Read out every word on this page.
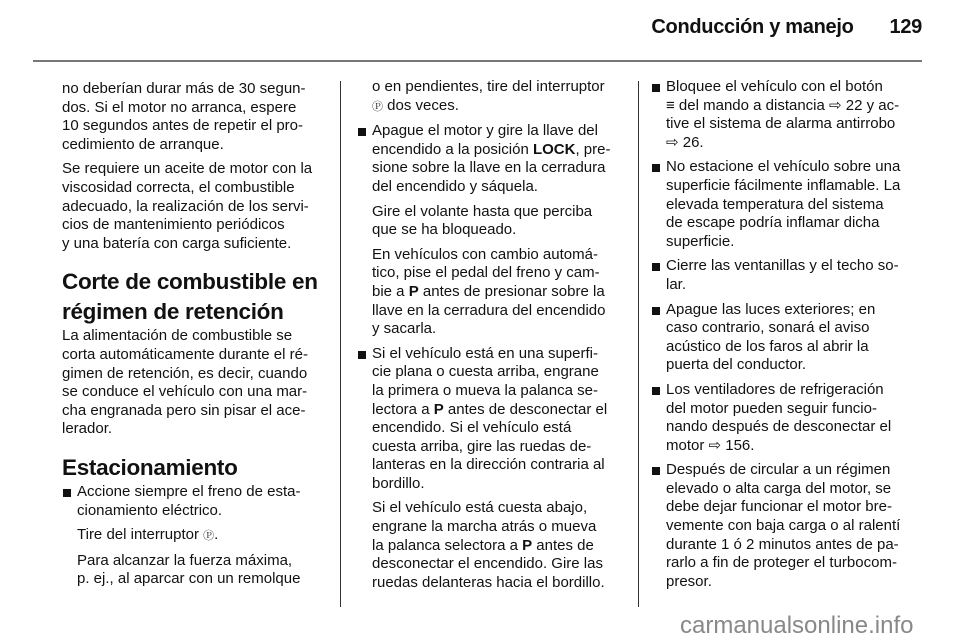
Conducción y manejo 129
no deberían durar más de 30 segun-
dos. Si el motor no arranca, espere
10 segundos antes de repetir el pro-
cedimiento de arranque.
Se requiere un aceite de motor con la
viscosidad correcta, el combustible
adecuado, la realización de los servi-
cios de mantenimiento periódicos
y una batería con carga suficiente.
Corte de combustible en
régimen de retención
La alimentación de combustible se
corta automáticamente durante el ré-
gimen de retención, es decir, cuando
se conduce el vehículo con una mar-
cha engranada pero sin pisar el ace-
lerador.
Estacionamiento
Accione siempre el freno de esta-
cionamiento eléctrico.
Tire del interruptor Ⓟ.
Para alcanzar la fuerza máxima,
p. ej., al aparcar con un remolque
o en pendientes, tire del interruptor
Ⓟ dos veces.
Apague el motor y gire la llave del
encendido a la posición LOCK, pre-
sione sobre la llave en la cerradura
del encendido y sáquela.
Gire el volante hasta que perciba
que se ha bloqueado.
En vehículos con cambio automá-
tico, pise el pedal del freno y cam-
bie a P antes de presionar sobre la
llave en la cerradura del encendido
y sacarla.
Si el vehículo está en una superfi-
cie plana o cuesta arriba, engrane
la primera o mueva la palanca se-
lectora a P antes de desconectar el
encendido. Si el vehículo está
cuesta arriba, gire las ruedas de-
lanteras en la dirección contraria al
bordillo.
Si el vehículo está cuesta abajo,
engrane la marcha atrás o mueva
la palanca selectora a P antes de
desconectar el encendido. Gire las
ruedas delanteras hacia el bordillo.
Bloquee el vehículo con el botón
≡ del mando a distancia ⇨ 22 y ac-
tive el sistema de alarma antirrobo
⇨ 26.
No estacione el vehículo sobre una
superficie fácilmente inflamable. La
elevada temperatura del sistema
de escape podría inflamar dicha
superficie.
Cierre las ventanillas y el techo so-
lar.
Apague las luces exteriores; en
caso contrario, sonará el aviso
acústico de los faros al abrir la
puerta del conductor.
Los ventiladores de refrigeración
del motor pueden seguir funcio-
nando después de desconectar el
motor ⇨ 156.
Después de circular a un régimen
elevado o alta carga del motor, se
debe dejar funcionar el motor bre-
vemente con baja carga o al ralentí
durante 1 ó 2 minutos antes de pa-
rarlo a fin de proteger el turbocom-
presor.
carmanualsonline.info
